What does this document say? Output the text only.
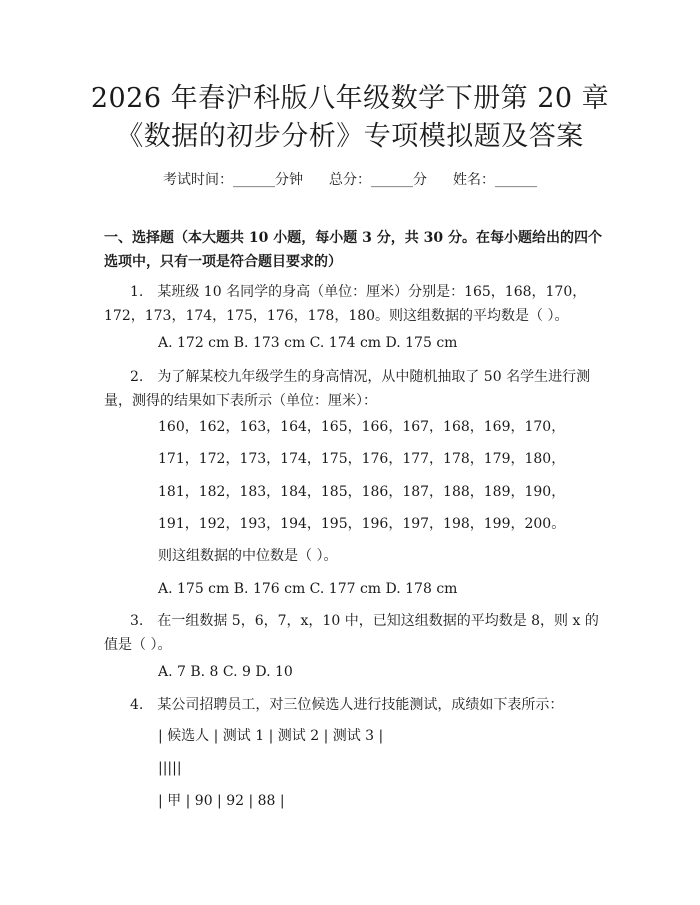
2026 年春沪科版八年级数学下册第 20 章
《数据的初步分析》专项模拟题及答案
考试时间：______分钟 总分：______分 姓名：______
一、选择题（本大题共 10 小题，每小题 3 分，共 30 分。在每小题给出的四个选项中，只有一项是符合题目要求的）
1.　某班级 10 名同学的身高（单位：厘米）分别是：165，168，170，172，173，174，175，176，178，180。则这组数据的平均数是（ ）。
A. 172 cm B. 173 cm C. 174 cm D. 175 cm
2.　为了解某校九年级学生的身高情况，从中随机抽取了 50 名学生进行测量，测得的结果如下表所示（单位：厘米）：
160，162，163，164，165，166，167，168，169，170，
171，172，173，174，175，176，177，178，179，180，
181，182，183，184，185，186，187，188，189，190，
191，192，193，194，195，196，197，198，199，200。
则这组数据的中位数是（ ）。
A. 175 cm B. 176 cm C. 177 cm D. 178 cm
3.　在一组数据 5，6，7，x，10 中，已知这组数据的平均数是 8，则 x 的值是（ ）。
A. 7 B. 8 C. 9 D. 10
4.　某公司招聘员工，对三位候选人进行技能测试，成绩如下表所示：
| 候选人 | 测试 1 | 测试 2 | 测试 3 |
|||||
| 甲 | 90 | 92 | 88 |
